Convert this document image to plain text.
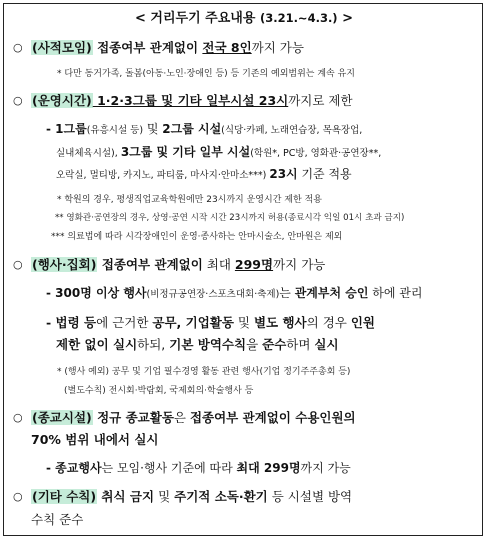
< 거리두기 주요내용 (3.21.~4.3.) >
○ (사적모임) 접종여부 관계없이 전국 8인까지 가능
* 다만 동거가족, 돌봄(아동·노인·장애인 등) 등 기존의 예외범위는 계속 유지
○ (운영시간) 1·2·3그룹 및 기타 일부시설 23시까지로 제한
- 1그룹(유흥시설 등) 및 2그룹 시설(식당·카페, 노래연습장, 목욕장업,
실내체육시설), 3그룹 및 기타 일부 시설(학원*, PC방, 영화관·공연장**,
오락실, 멀티방, 카지노, 파티룸, 마사지·안마소***) 23시 기준 적용
* 학원의 경우, 평생직업교육학원에만 23시까지 운영시간 제한 적용
** 영화관·공연장의 경우, 상영·공연 시작 시간 23시까지 허용(종료시각 익일 01시 초과 금지)
*** 의료법에 따라 시각장애인이 운영·종사하는 안마시술소, 안마원은 제외
○ (행사·집회) 접종여부 관계없이 최대 299명까지 가능
- 300명 이상 행사(비정규공연장·스포츠대회·축제)는 관계부처 승인 하에 관리
- 법령 등에 근거한 공무, 기업활동 및 별도 행사의 경우 인원
제한 없이 실시하되, 기본 방역수칙을 준수하며 실시
* (행사 예외) 공무 및 기업 필수경영 활동 관련 행사(기업 정기주주총회 등)
(별도수칙) 전시회·박람회, 국제회의·학술행사 등
○ (종교시설) 정규 종교활동은 접종여부 관계없이 수용인원의
70% 범위 내에서 실시
- 종교행사는 모임·행사 기준에 따라 최대 299명까지 가능
○ (기타 수칙) 취식 금지 및 주기적 소독·환기 등 시설별 방역
수칙 준수
